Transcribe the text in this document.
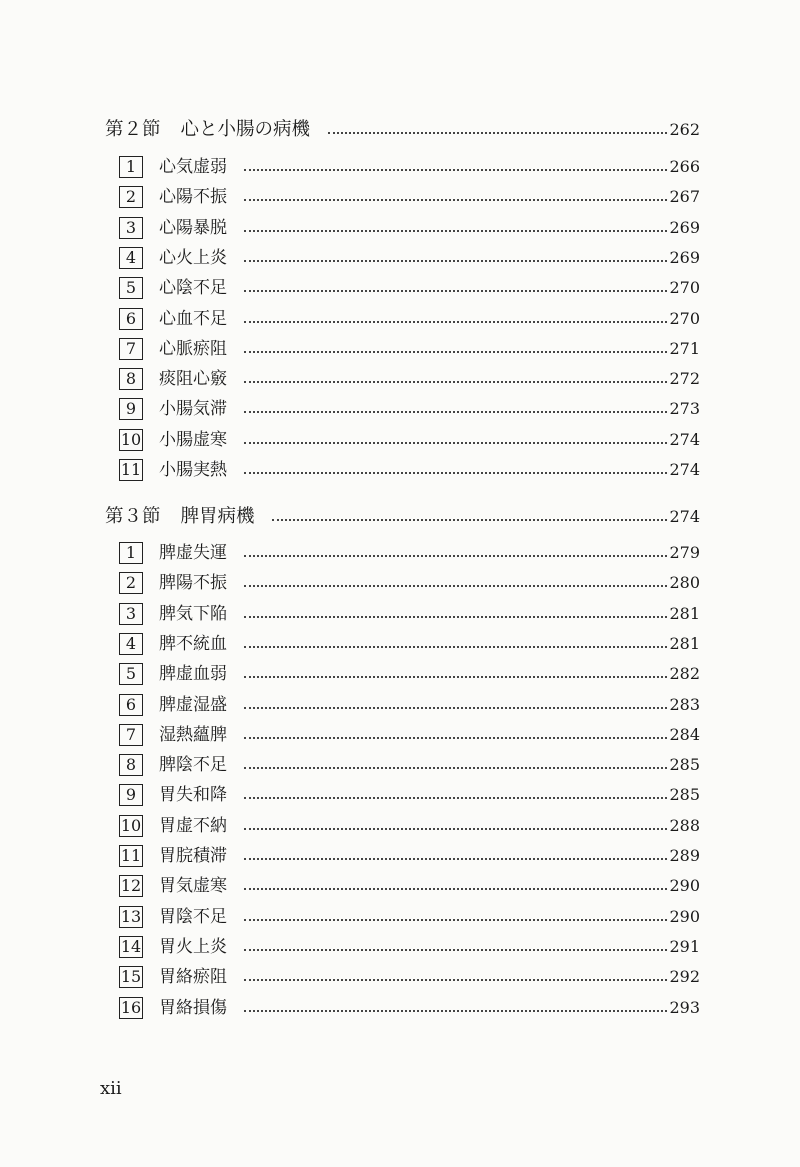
第２節 心と小腸の病機	262
1	心気虚弱	266
2	心陽不振	267
3	心陽暴脱	269
4	心火上炎	269
5	心陰不足	270
6	心血不足	270
7	心脈瘀阻	271
8	痰阻心竅	272
9	小腸気滞	273
10 小腸虚寒	274
11 小腸実熱	274
第３節 脾胃病機	274
1	脾虚失運	279
2	脾陽不振	280
3	脾気下陥	281
4	脾不統血	281
5	脾虚血弱	282
6	脾虚湿盛	283
7	湿熱蘊脾	284
8	脾陰不足	285
9	胃失和降	285
10 胃虚不納	288
11 胃脘積滞	289
12 胃気虚寒	290
13 胃陰不足	290
14 胃火上炎	291
15 胃絡瘀阻	292
16 胃絡損傷	293
xii
